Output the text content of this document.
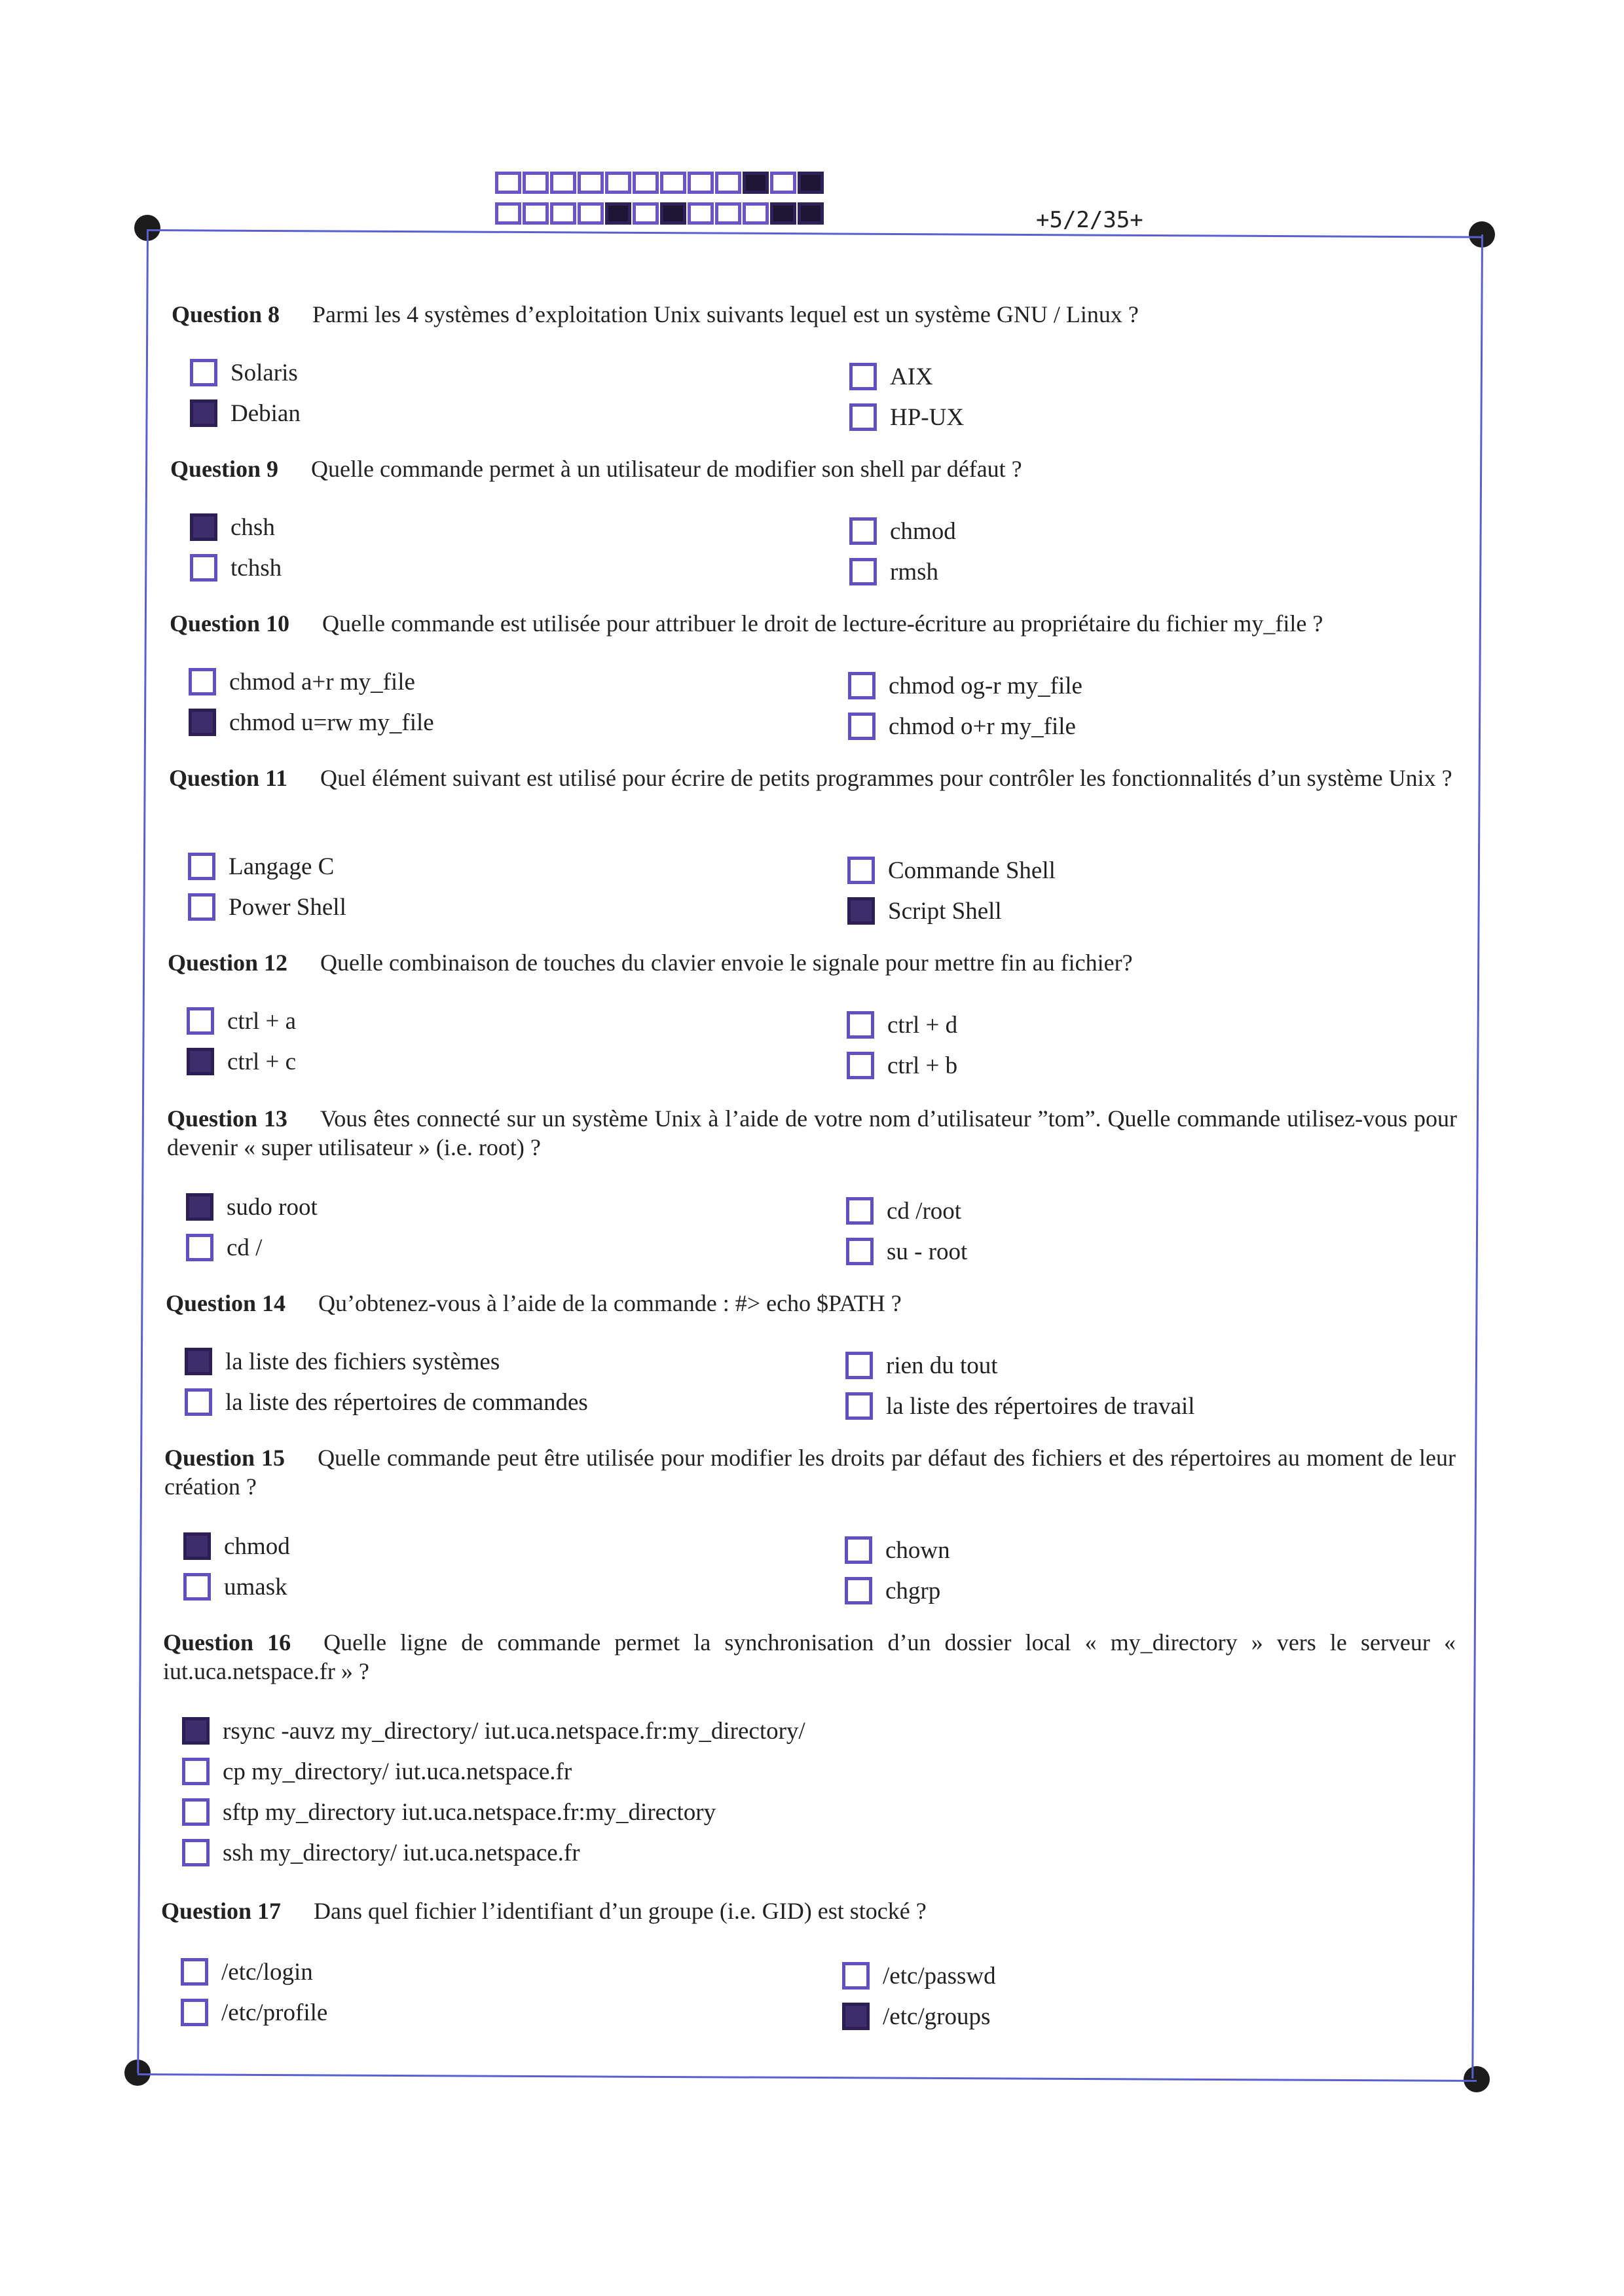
+5/2/35+
Question 8 Parmi les 4 systèmes d’exploitation Unix suivants lequel est un système GNU / Linux ?
Solaris
Debian
AIX
HP-UX
Question 9 Quelle commande permet à un utilisateur de modifier son shell par défaut ?
chsh
tchsh
chmod
rmsh
Question 10 Quelle commande est utilisée pour attribuer le droit de lecture-écriture au propriétaire du fichier my_file ?
chmod a+r my_file
chmod u=rw my_file
chmod og-r my_file
chmod o+r my_file
Question 11 Quel élément suivant est utilisé pour écrire de petits programmes pour contrôler les fonctionnalités d’un système Unix ?
Langage C
Power Shell
Commande Shell
Script Shell
Question 12 Quelle combinaison de touches du clavier envoie le signale pour mettre fin au fichier?
ctrl + a
ctrl + c
ctrl + d
ctrl + b
Question 13 Vous êtes connecté sur un système Unix à l’aide de votre nom d’utilisateur ”tom”. Quelle commande utilisez-vous pour devenir « super utilisateur » (i.e. root) ?
sudo root
cd /
cd /root
su - root
Question 14 Qu’obtenez-vous à l’aide de la commande : #> echo $PATH ?
la liste des fichiers systèmes
la liste des répertoires de commandes
rien du tout
la liste des répertoires de travail
Question 15 Quelle commande peut être utilisée pour modifier les droits par défaut des fichiers et des répertoires au moment de leur création ?
chmod
umask
chown
chgrp
Question 16 Quelle ligne de commande permet la synchronisation d’un dossier local « my_directory » vers le serveur « iut.uca.netspace.fr » ?
rsync -auvz my_directory/ iut.uca.netspace.fr:my_directory/
cp my_directory/ iut.uca.netspace.fr
sftp my_directory iut.uca.netspace.fr:my_directory
ssh my_directory/ iut.uca.netspace.fr
Question 17 Dans quel fichier l’identifiant d’un groupe (i.e. GID) est stocké ?
/etc/login
/etc/profile
/etc/passwd
/etc/groups
